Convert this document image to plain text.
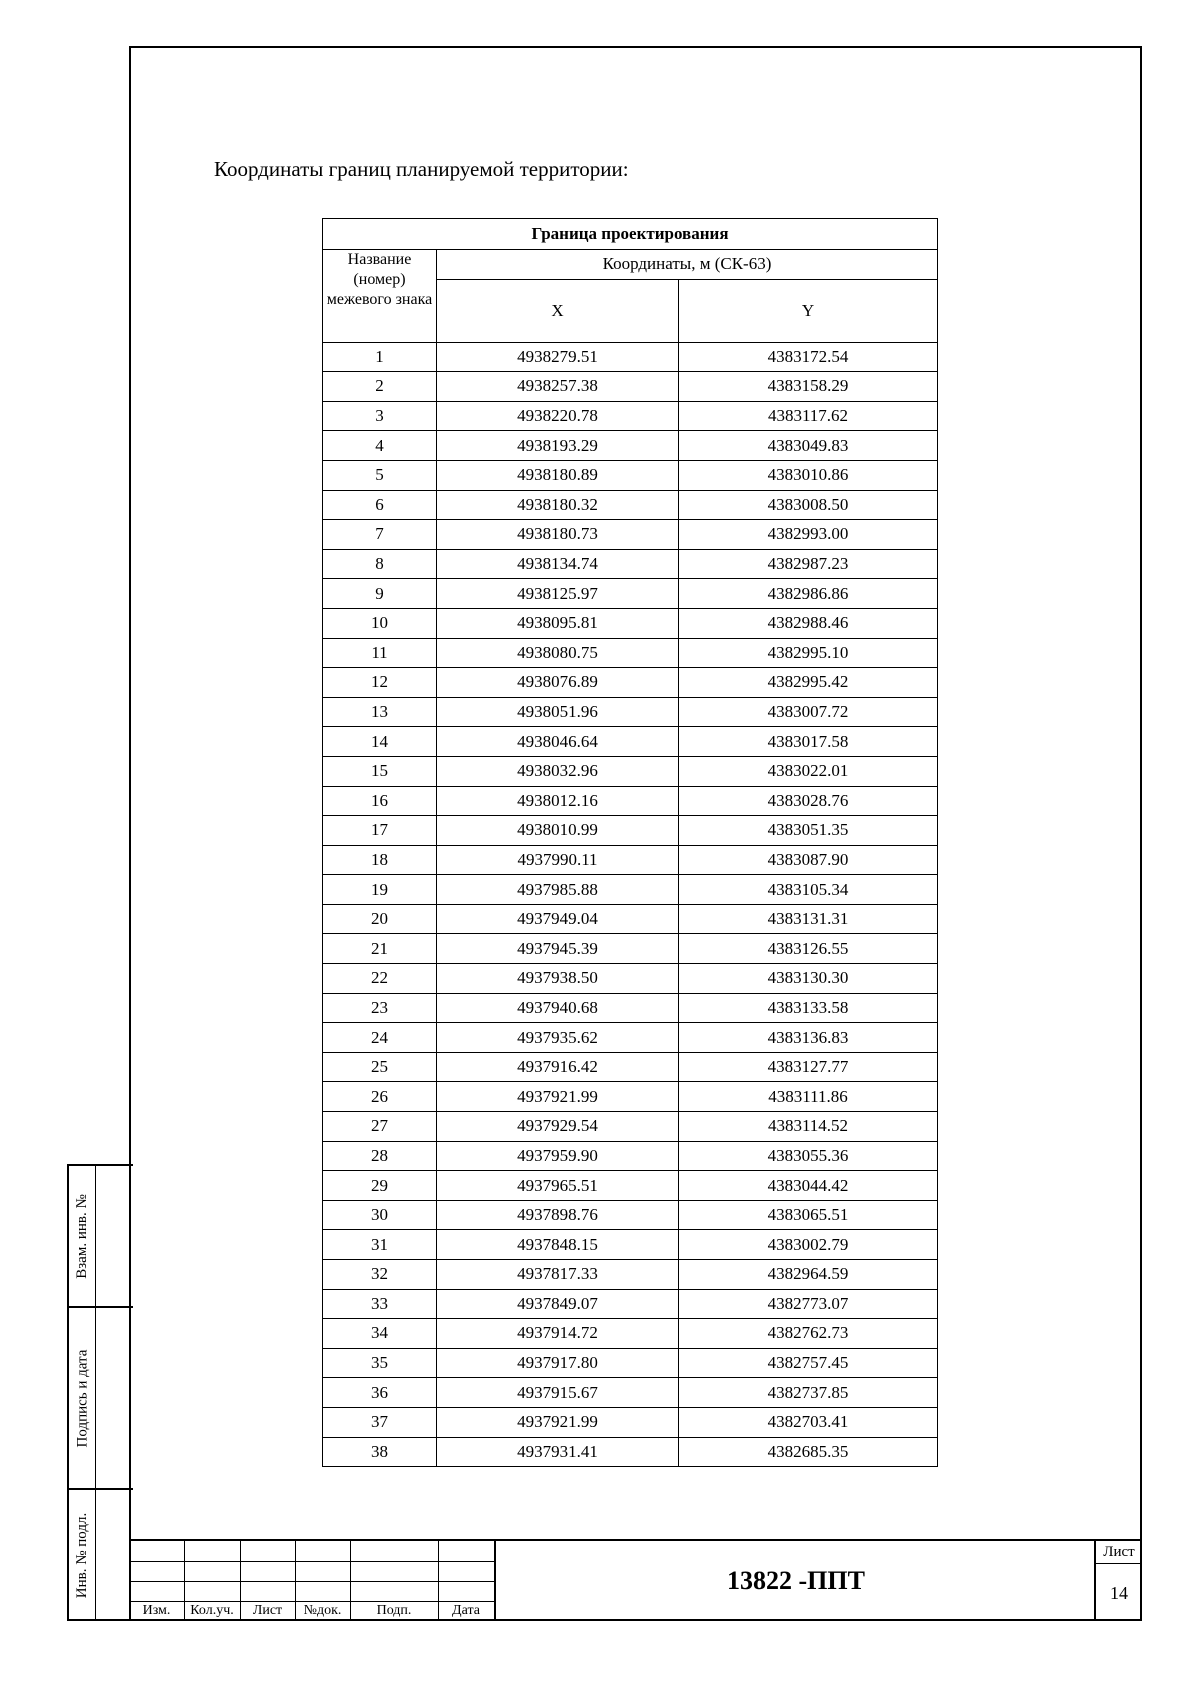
Координаты границ планируемой территории:
Граница проектирования		
Название (номер) межевого знака	Координаты, м (СК-63)	
	X	Y
1	4938279.51	4383172.54
2	4938257.38	4383158.29
3	4938220.78	4383117.62
4	4938193.29	4383049.83
5	4938180.89	4383010.86
6	4938180.32	4383008.50
7	4938180.73	4382993.00
8	4938134.74	4382987.23
9	4938125.97	4382986.86
10	4938095.81	4382988.46
11	4938080.75	4382995.10
12	4938076.89	4382995.42
13	4938051.96	4383007.72
14	4938046.64	4383017.58
15	4938032.96	4383022.01
16	4938012.16	4383028.76
17	4938010.99	4383051.35
18	4937990.11	4383087.90
19	4937985.88	4383105.34
20	4937949.04	4383131.31
21	4937945.39	4383126.55
22	4937938.50	4383130.30
23	4937940.68	4383133.58
24	4937935.62	4383136.83
25	4937916.42	4383127.77
26	4937921.99	4383111.86
27	4937929.54	4383114.52
28	4937959.90	4383055.36
29	4937965.51	4383044.42
30	4937898.76	4383065.51
31	4937848.15	4383002.79
32	4937817.33	4382964.59
33	4937849.07	4382773.07
34	4937914.72	4382762.73
35	4937917.80	4382757.45
36	4937915.67	4382737.85
37	4937921.99	4382703.41
38	4937931.41	4382685.35
Взам. инв. №
Подпись и дата
Инв. № подл.
Изм.	Кол.уч.	Лист	№док.	Подп.	Дата
13822 -ППТ
Лист
14
